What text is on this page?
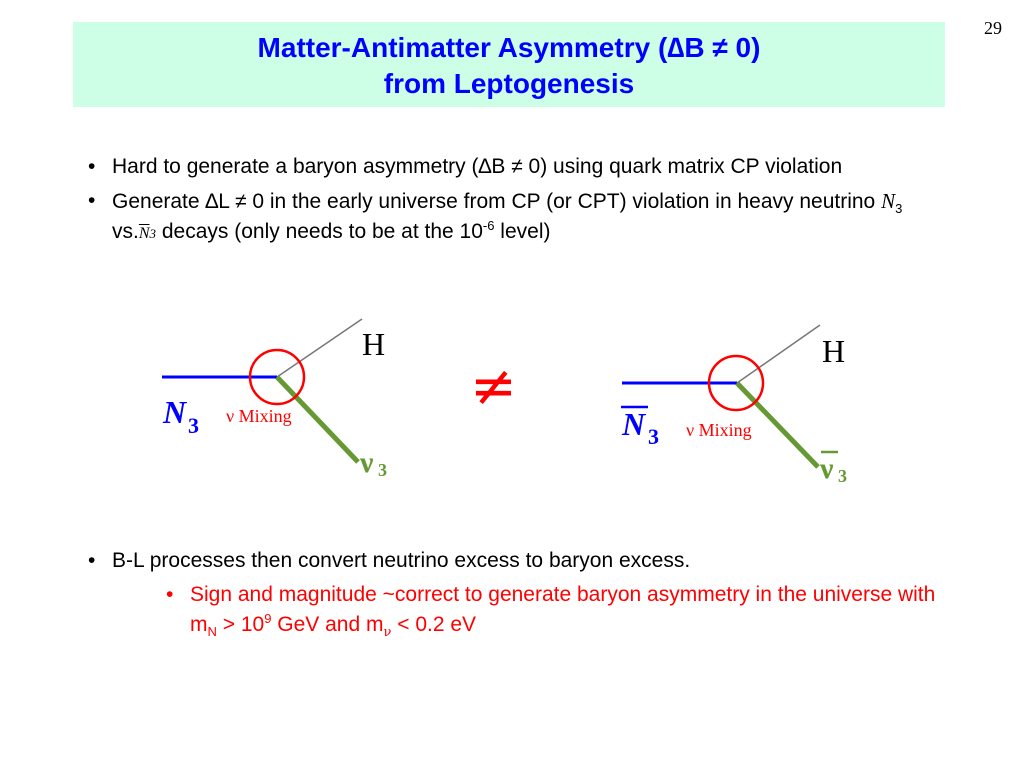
29
Matter-Antimatter Asymmetry (∆B ≠ 0)
from Leptogenesis
• Hard to generate a baryon asymmetry (∆B ≠ 0) using quark matrix CP violation
• Generate ∆L ≠ 0 in the early universe from CP (or CPT) violation in heavy neutrino $N_3$ $vs.\overline{N}3$ decays (only needs to be at the $10^{-6}$ level)
H
N 3 ν Mixing
ν 3
≠
H
N 3 ν Mixing
ν 3
• B-L processes then convert neutrino excess to baryon excess.
• Sign and magnitude ~correct to generate baryon asymmetry in the universe with $m_N > 10^9$ GeV and $m_\nu < 0.2$ eV
